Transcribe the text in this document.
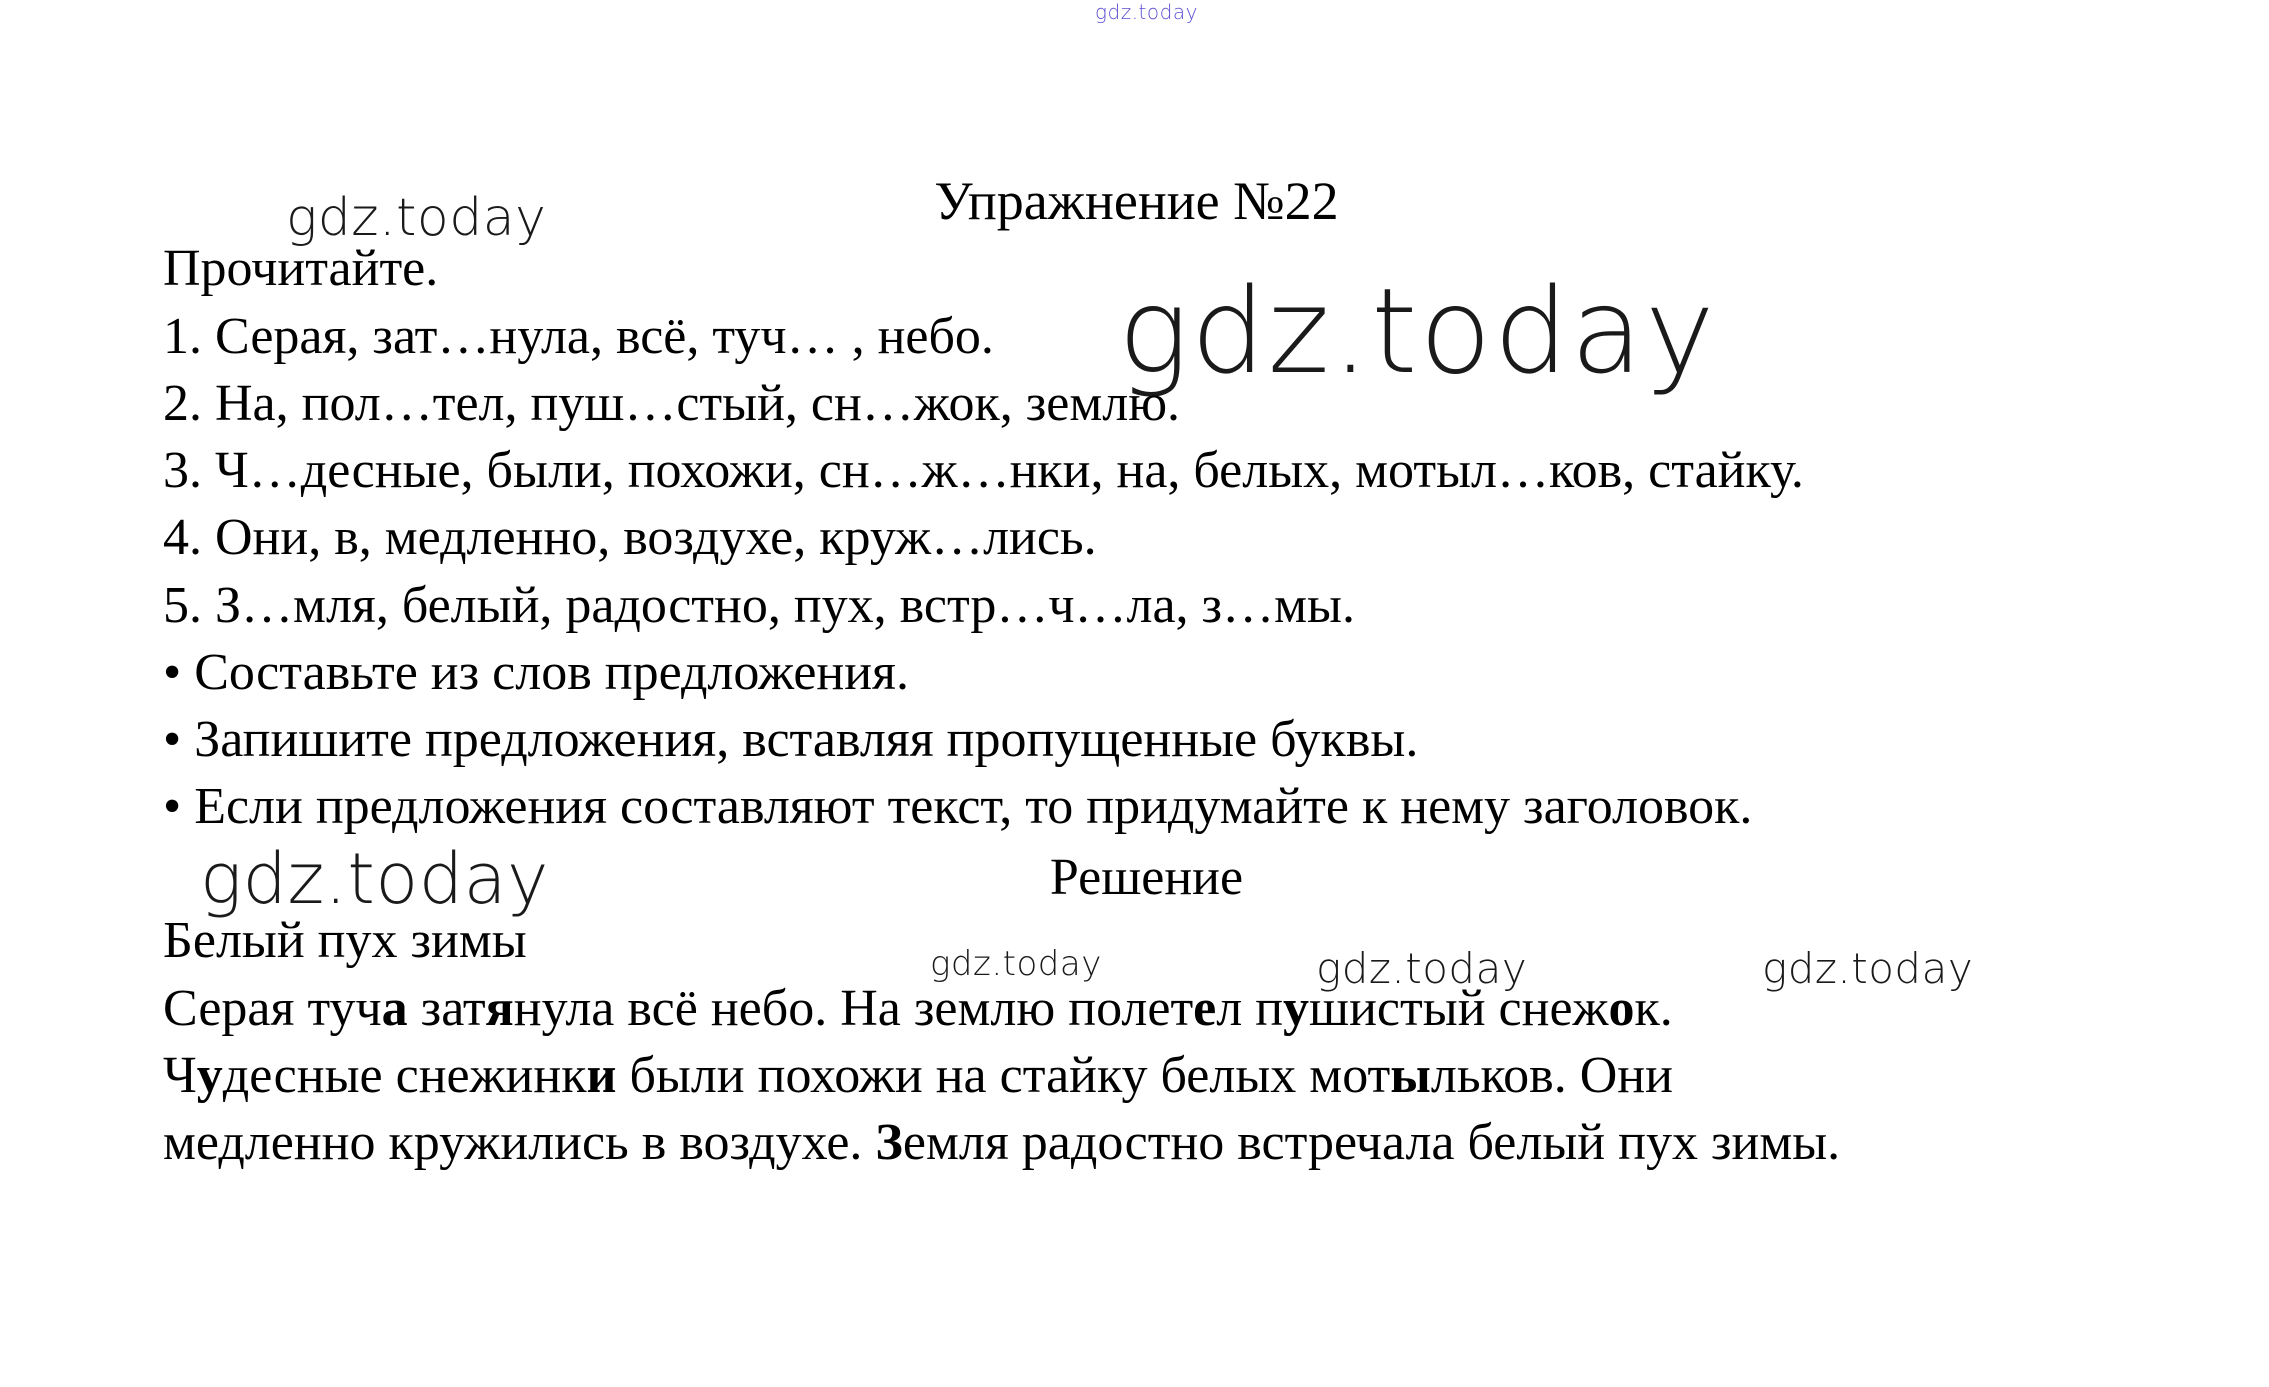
gdz.today
gdz.today
gdz.today
gdz.today
gdz.today	gdz.today	gdz.today
Упражнение №22
Прочитайте.
1. Серая, зат…нула, всё, туч… , небо.
2. На, пол…тел, пуш…стый, сн…жок, землю.
3. Ч…десные, были, похожи, сн…ж…нки, на, белых, мотыл…ков, стайку.
4. Они, в, медленно, воздухе, круж…лись.
5. З…мля, белый, радостно, пух, встр…ч…ла, з…мы.
• Составьте из слов предложения.
• Запишите предложения, вставляя пропущенные буквы.
• Если предложения составляют текст, то придумайте к нему заголовок.
Решение
Белый пух зимы
Серая туча затянула всё небо. На землю полетел пушистый снежок.
Чудесные снежинки были похожи на стайку белых мотыльков. Они
медленно кружились в воздухе. Земля радостно встречала белый пух зимы.
